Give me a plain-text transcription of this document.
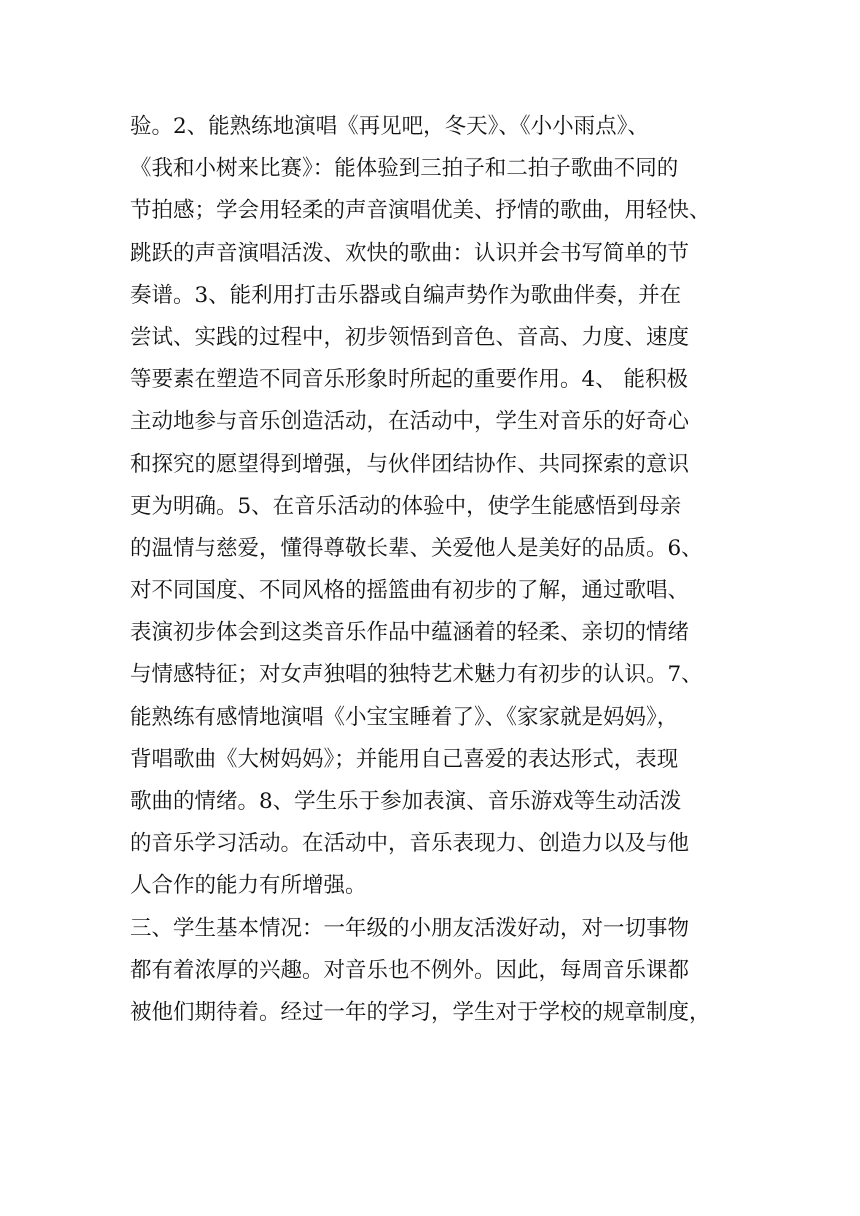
验。2、能熟练地演唱《再见吧，冬天》、《小小雨点》、
《我和小树来比赛》：能体验到三拍子和二拍子歌曲不同的
节拍感；学会用轻柔的声音演唱优美、抒情的歌曲，用轻快、
跳跃的声音演唱活泼、欢快的歌曲：认识并会书写简单的节
奏谱。3、能利用打击乐器或自编声势作为歌曲伴奏，并在
尝试、实践的过程中，初步领悟到音色、音高、力度、速度
等要素在塑造不同音乐形象时所起的重要作用。4、 能积极
主动地参与音乐创造活动，在活动中，学生对音乐的好奇心
和探究的愿望得到增强，与伙伴团结协作、共同探索的意识
更为明确。5、在音乐活动的体验中，使学生能感悟到母亲
的温情与慈爱，懂得尊敬长辈、关爱他人是美好的品质。6、
对不同国度、不同风格的摇篮曲有初步的了解，通过歌唱、
表演初步体会到这类音乐作品中蕴涵着的轻柔、亲切的情绪
与情感特征；对女声独唱的独特艺术魅力有初步的认识。7、
能熟练有感情地演唱《小宝宝睡着了》、《家家就是妈妈》，
背唱歌曲《大树妈妈》；并能用自己喜爱的表达形式，表现
歌曲的情绪。8、学生乐于参加表演、音乐游戏等生动活泼
的音乐学习活动。在活动中，音乐表现力、创造力以及与他
人合作的能力有所增强。
三、学生基本情况：一年级的小朋友活泼好动，对一切事物
都有着浓厚的兴趣。对音乐也不例外。因此，每周音乐课都
被他们期待着。经过一年的学习，学生对于学校的规章制度，
